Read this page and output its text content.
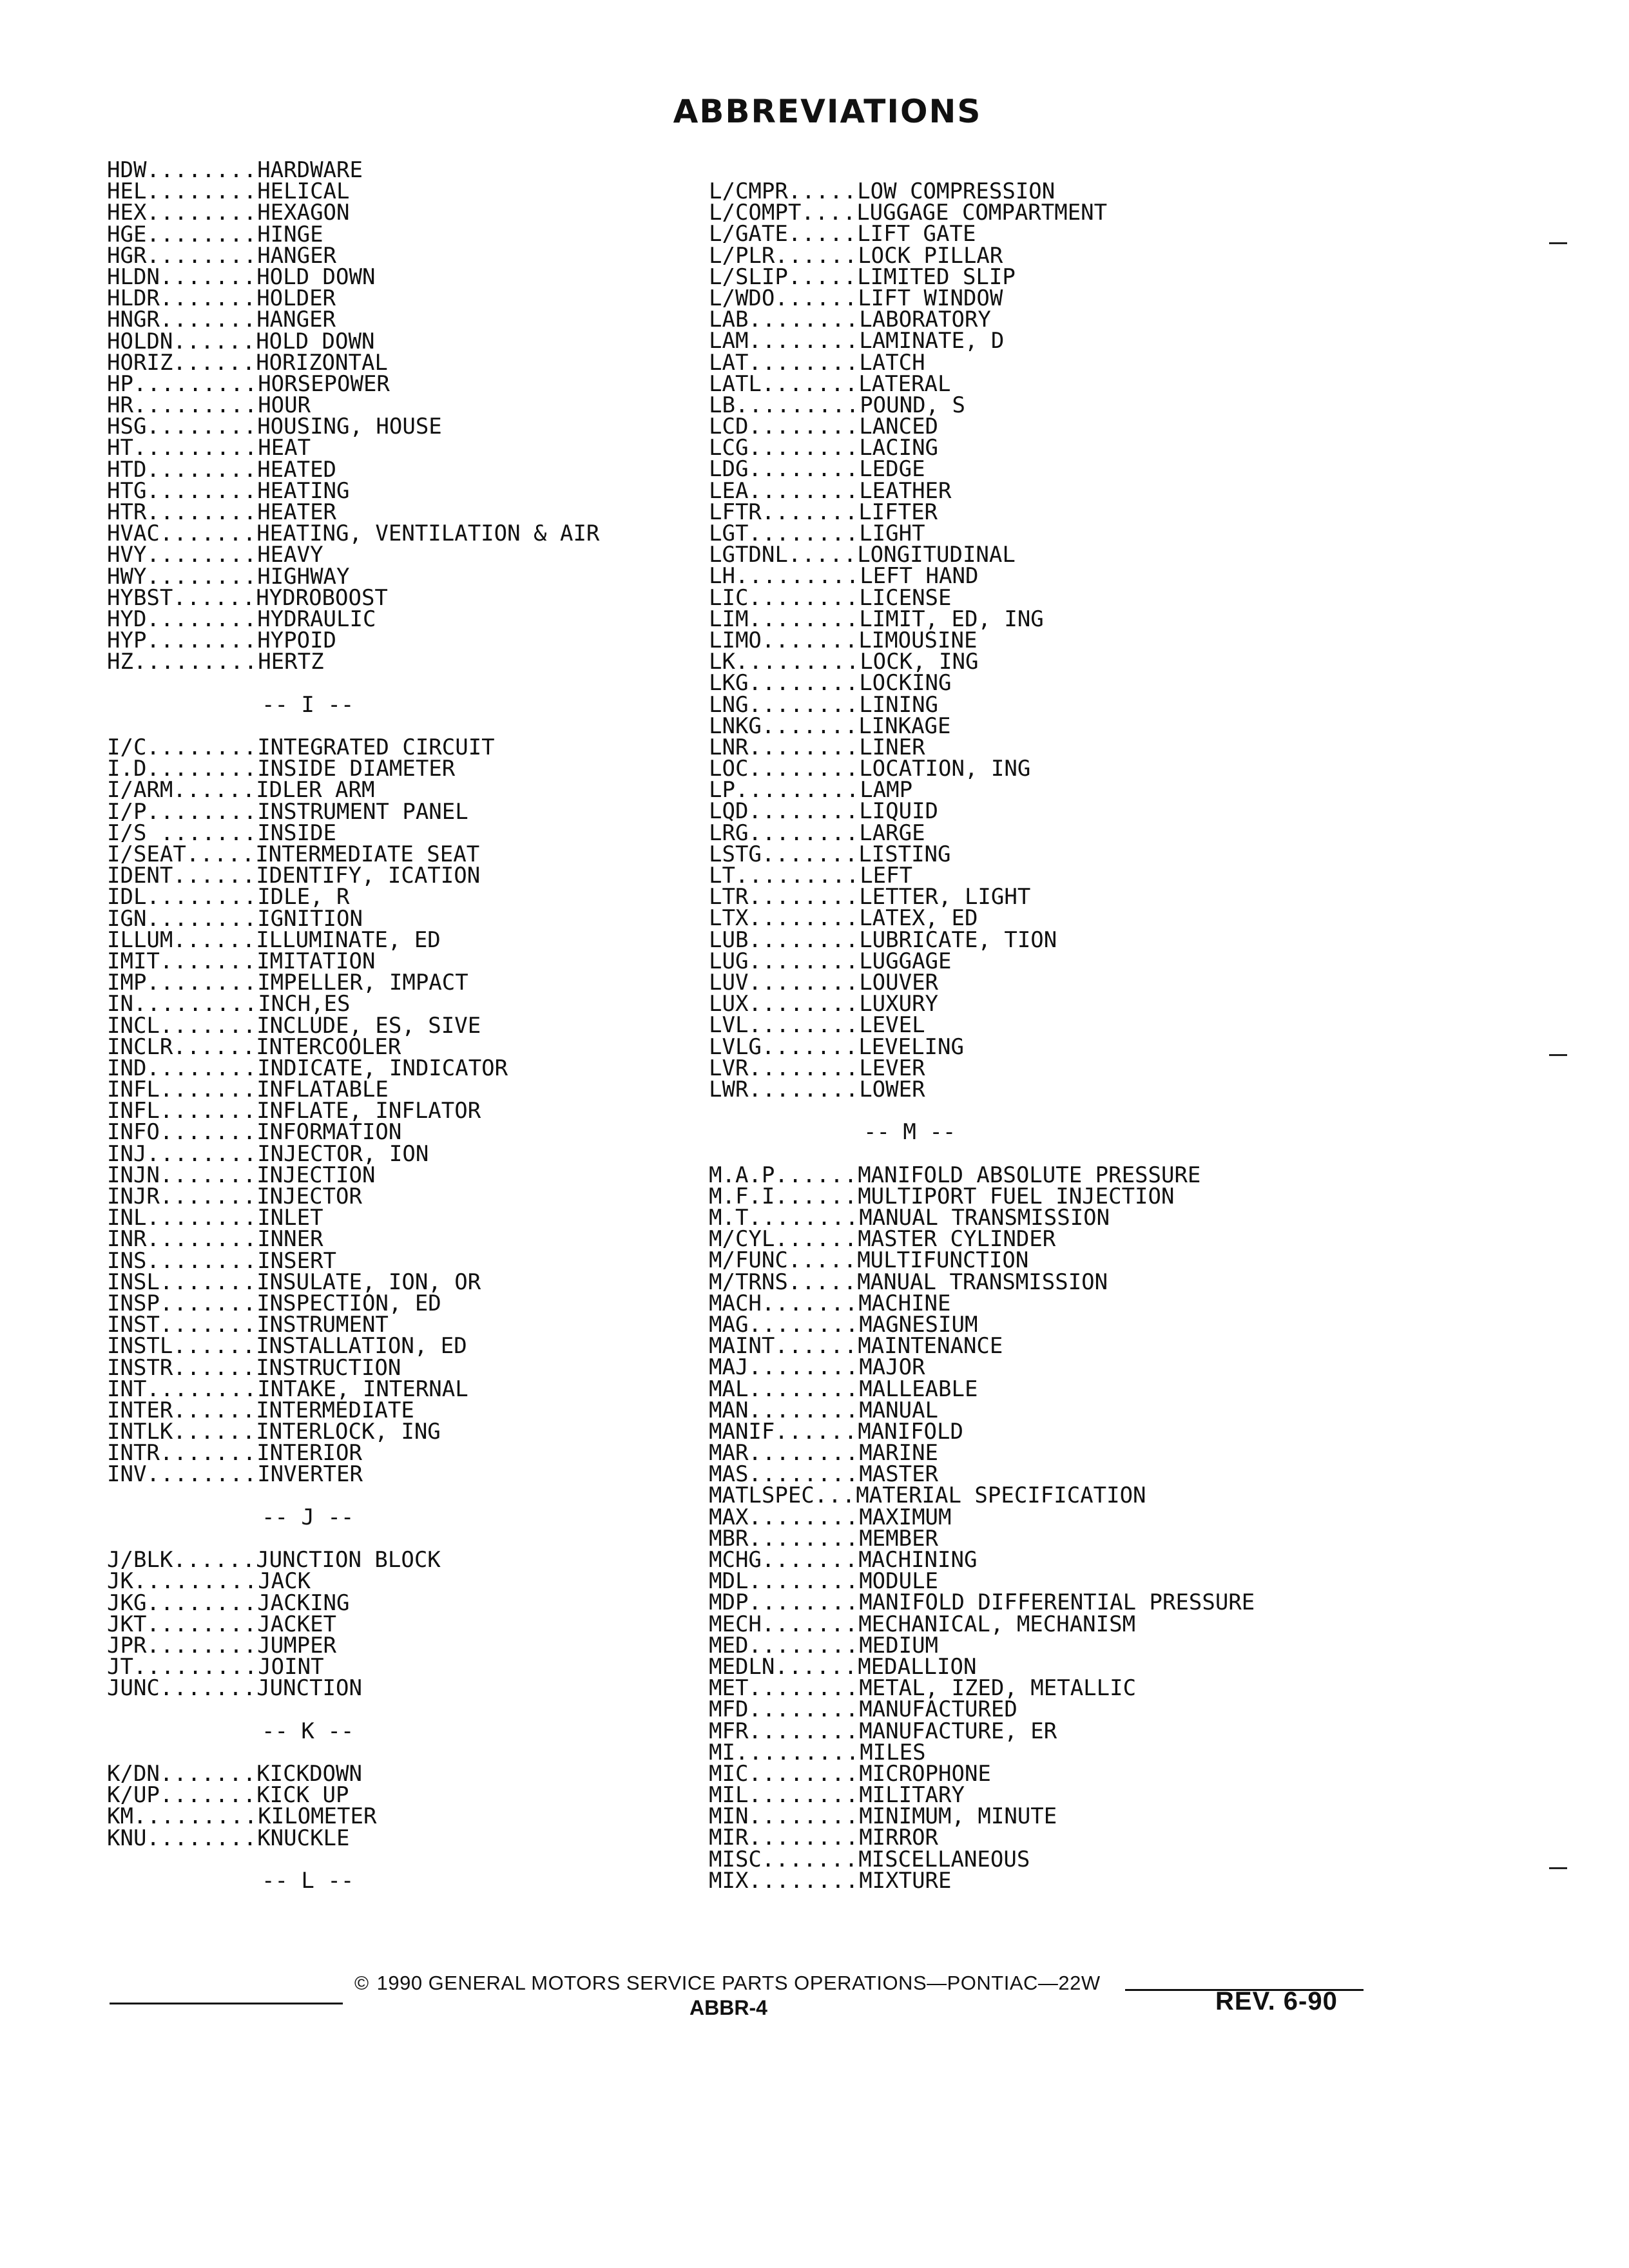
ABBREVIATIONS
HDW........HARDWARE
HEL........HELICAL
HEX........HEXAGON
HGE........HINGE
HGR........HANGER
HLDN.......HOLD DOWN
HLDR.......HOLDER
HNGR.......HANGER
HOLDN......HOLD DOWN
HORIZ......HORIZONTAL
HP.........HORSEPOWER
HR.........HOUR
HSG........HOUSING, HOUSE
HT.........HEAT
HTD........HEATED
HTG........HEATING
HTR........HEATER
HVAC.......HEATING, VENTILATION & AIR
HVY........HEAVY
HWY........HIGHWAY
HYBST......HYDROBOOST
HYD........HYDRAULIC
HYP........HYPOID
HZ.........HERTZ
-- I --
I/C........INTEGRATED CIRCUIT
I.D........INSIDE DIAMETER
I/ARM......IDLER ARM
I/P........INSTRUMENT PANEL
I/S .......INSIDE
I/SEAT.....INTERMEDIATE SEAT
IDENT......IDENTIFY, ICATION
IDL........IDLE, R
IGN........IGNITION
ILLUM......ILLUMINATE, ED
IMIT.......IMITATION
IMP........IMPELLER, IMPACT
IN.........INCH,ES
INCL.......INCLUDE, ES, SIVE
INCLR......INTERCOOLER
IND........INDICATE, INDICATOR
INFL.......INFLATABLE
INFL.......INFLATE, INFLATOR
INFO.......INFORMATION
INJ........INJECTOR, ION
INJN.......INJECTION
INJR.......INJECTOR
INL........INLET
INR........INNER
INS........INSERT
INSL.......INSULATE, ION, OR
INSP.......INSPECTION, ED
INST.......INSTRUMENT
INSTL......INSTALLATION, ED
INSTR......INSTRUCTION
INT........INTAKE, INTERNAL
INTER......INTERMEDIATE
INTLK......INTERLOCK, ING
INTR.......INTERIOR
INV........INVERTER
-- J --
J/BLK......JUNCTION BLOCK
JK.........JACK
JKG........JACKING
JKT........JACKET
JPR........JUMPER
JT.........JOINT
JUNC.......JUNCTION
-- K --
K/DN.......KICKDOWN
K/UP.......KICK UP
KM.........KILOMETER
KNU........KNUCKLE
-- L --
L/CMPR.....LOW COMPRESSION
L/COMPT....LUGGAGE COMPARTMENT
L/GATE.....LIFT GATE
L/PLR......LOCK PILLAR
L/SLIP.....LIMITED SLIP
L/WDO......LIFT WINDOW
LAB........LABORATORY
LAM........LAMINATE, D
LAT........LATCH
LATL.......LATERAL
LB.........POUND, S
LCD........LANCED
LCG........LACING
LDG........LEDGE
LEA........LEATHER
LFTR.......LIFTER
LGT........LIGHT
LGTDNL.....LONGITUDINAL
LH.........LEFT HAND
LIC........LICENSE
LIM........LIMIT, ED, ING
LIMO.......LIMOUSINE
LK.........LOCK, ING
LKG........LOCKING
LNG........LINING
LNKG.......LINKAGE
LNR........LINER
LOC........LOCATION, ING
LP.........LAMP
LQD........LIQUID
LRG........LARGE
LSTG.......LISTING
LT.........LEFT
LTR........LETTER, LIGHT
LTX........LATEX, ED
LUB........LUBRICATE, TION
LUG........LUGGAGE
LUV........LOUVER
LUX........LUXURY
LVL........LEVEL
LVLG.......LEVELING
LVR........LEVER
LWR........LOWER
-- M --
M.A.P......MANIFOLD ABSOLUTE PRESSURE
M.F.I......MULTIPORT FUEL INJECTION
M.T........MANUAL TRANSMISSION
M/CYL......MASTER CYLINDER
M/FUNC.....MULTIFUNCTION
M/TRNS.....MANUAL TRANSMISSION
MACH.......MACHINE
MAG........MAGNESIUM
MAINT......MAINTENANCE
MAJ........MAJOR
MAL........MALLEABLE
MAN........MANUAL
MANIF......MANIFOLD
MAR........MARINE
MAS........MASTER
MATLSPEC...MATERIAL SPECIFICATION
MAX........MAXIMUM
MBR........MEMBER
MCHG.......MACHINING
MDL........MODULE
MDP........MANIFOLD DIFFERENTIAL PRESSURE
MECH.......MECHANICAL, MECHANISM
MED........MEDIUM
MEDLN......MEDALLION
MET........METAL, IZED, METALLIC
MFD........MANUFACTURED
MFR........MANUFACTURE, ER
MI.........MILES
MIC........MICROPHONE
MIL........MILITARY
MIN........MINIMUM, MINUTE
MIR........MIRROR
MISC.......MISCELLANEOUS
MIX........MIXTURE
© 1990 GENERAL MOTORS SERVICE PARTS OPERATIONS—PONTIAC—22W
ABBR-4	REV. 6-90
